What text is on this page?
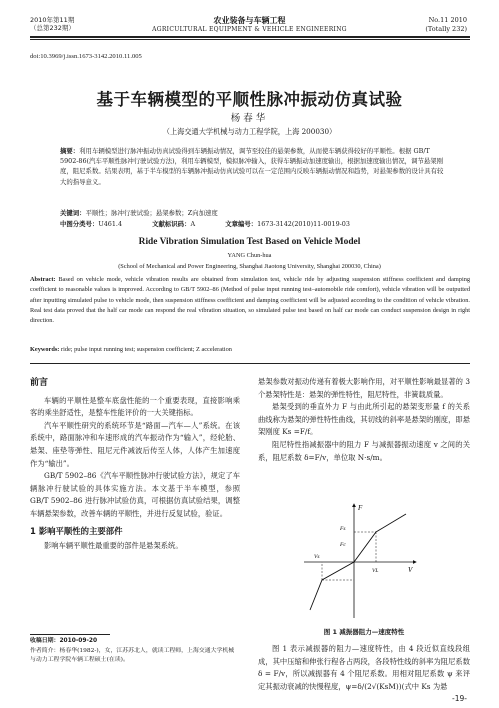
2010年第11期
（总第232期）
农业装备与车辆工程
AGRICULTURAL EQUIPMENT & VEHICLE ENGINEERING
No.11 2010
(Totally 232)
doi:10.3969/j.issn.1673-3142.2010.11.005
基于车辆模型的平顺性脉冲振动仿真试验
杨春华
（上海交通大学机械与动力工程学院，上海 200030）
摘要：利用车辆模型进行脉冲振动仿真试验得到车辆振动情况，调节至较佳的悬架参数，从而使车辆获得较好的平顺性。根据 GB/T 5902-86(汽车平顺性脉冲行驶试验方法)，利用车辆模型，模拟脉冲输入，获得车辆振动加速度输出，根据加速度输出情况，调节悬架刚度，阻尼系数。结果表明，基于半车模型的车辆脉冲振动仿真试验可以在一定范围内反映车辆振动情况和趋势，对悬架参数的设计具有较大的指导意义。
关键词：平顺性；脉冲行驶试验；悬架参数；Z向加速度
中图分类号：U461.4	文献标识码：A	文章编号：1673-3142(2010)11-0019-03
Ride Vibration Simulation Test Based on Vehicle Model
YANG Chun-hua
(School of Mechanical and Power Engineering, Shanghai Jiaotong University, Shanghai 200030, China)
Abstract: Based on vehicle mode, vehicle vibration results are obtained from simulation test, vehicle ride by adjusting suspension stiffness coefficient and damping coefficient to reasonable values is improved. According to GB/T 5902–86 (Method of pulse input running test–automobile ride comfort), vehicle vibration will be outputted after inputting simulated pulse to vehicle mode, then suspension stiffness coefficient and damping coefficient will be adjusted according to the condition of vehicle vibration. Real test data proved that the half car mode can respond the real vibration situation, so simulated pulse test based on half car mode can conduct suspension design in right direction.
Keywords: ride; pulse input running test; suspension coefficient; Z acceleration

前言

车辆的平顺性是整车底盘性能的一个重要表现，直接影响乘客的乘坐舒适性，是整车性能评价的一大关键指标。

汽车平顺性研究的系统环节是“路面—汽车—人”系统。在该系统中，路面脉冲和车速形成的汽车振动作为“输入”，经轮胎、悬架、座垫等弹性、阻尼元件减波后传至人体，人体产生加速度作为“输出”。

GB/T 5902–86《汽车平顺性脉冲行驶试验方法》，规定了车辆脉冲行驶试验的具体实施方法。本文基于半车模型，参照 GB/T 5902–86 进行脉冲试验仿真，可根据仿真试验结果，调整车辆悬架参数，改善车辆的平顺性，并进行反复试验，验证。

1 影响平顺性的主要部件

影响车辆平顺性最重要的部件是悬架系统。

收稿日期：2010-09-20

作者简介：杨春华(1982-)，女，江苏苏北人，就读工程师，上海交通大学机械与动力工程学院车辆工程硕士(在读)。

悬架参数对振动传递有着极大影响作用，对平顺性影响最显著的 3 个悬架特性是：悬架的弹性特性，阻尼特性，非簧载质量。

悬架受到的垂直外力 F 与由此所引起的悬架变形量 f 的关系曲线称为悬架的弹性特性曲线，其切线的斜率是悬架的刚度，即悬架刚度 Ks =F/f。

阻尼特性指减振器中的阻力 F 与减振器振动速度 v 之间的关系，阻尼系数 δ=F/v，单位取 N·s/m。

F
V
Fs
Fc
Vs
VL
图 1 减振器阻力—速度特性

图 1 表示减振器的阻力—速度特性，由 4 段近似直线段组成，其中压缩和伸张行程各占两段，各段特性线的斜率为阻尼系数 δ = F/v，所以减振器有 4 个阻尼系数。用相对阻尼系数 ψ 来评定其振动衰减的快慢程度，ψ=δ/(2√(KsM))(式中 Ks 为悬

-19-
